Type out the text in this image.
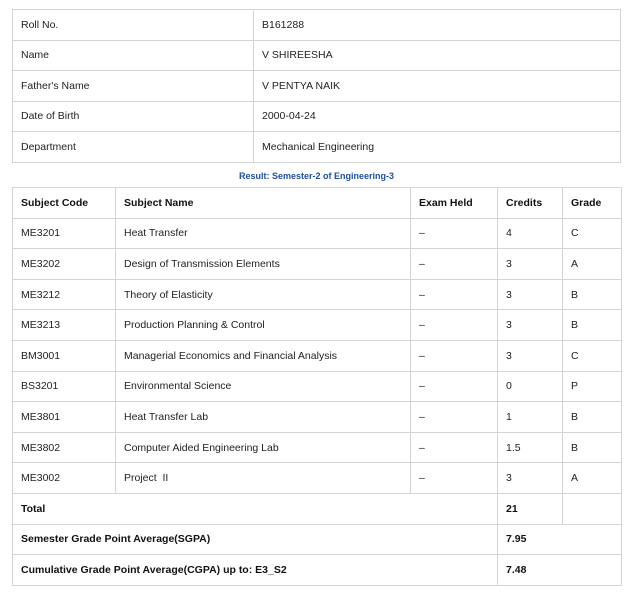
Roll No.	B161288
Name	V SHIREESHA
Father's Name	V PENTYA NAIK
Date of Birth	2000-04-24
Department	Mechanical Engineering
Result: Semester-2 of Engineering-3
Subject Code	Subject Name	Exam Held	Credits	Grade
ME3201	Heat Transfer	–	4	C
ME3202	Design of Transmission Elements	–	3	A
ME3212	Theory of Elasticity	–	3	B
ME3213	Production Planning & Control	–	3	B
BM3001	Managerial Economics and Financial Analysis	–	3	C
BS3201	Environmental Science	–	0	P
ME3801	Heat Transfer Lab	–	1	B
ME3802	Computer Aided Engineering Lab	–	1.5	B
ME3002	Project  II	–	3	A
Total			21	
Semester Grade Point Average(SGPA)			7.95	
Cumulative Grade Point Average(CGPA) up to: E3_S2			7.48	
